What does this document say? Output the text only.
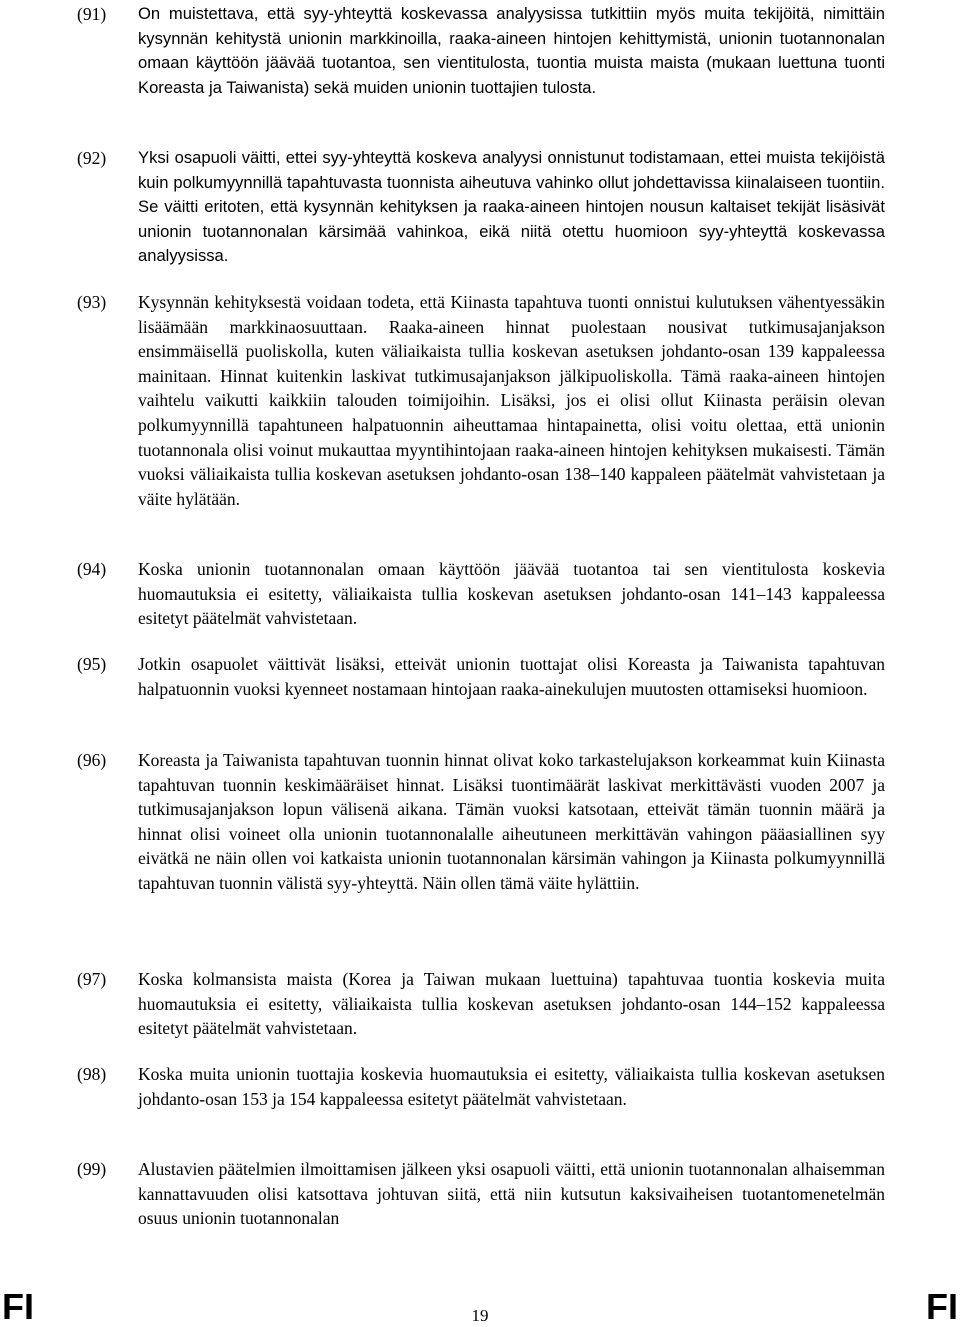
(91) On muistettava, että syy-yhteyttä koskevassa analyysissa tutkittiin myös muita tekijöitä, nimittäin kysynnän kehitystä unionin markkinoilla, raaka-aineen hintojen kehittymistä, unionin tuotannonalan omaan käyttöön jäävää tuotantoa, sen vientitulosta, tuontia muista maista (mukaan luettuna tuonti Koreasta ja Taiwanista) sekä muiden unionin tuottajien tulosta.
(92) Yksi osapuoli väitti, ettei syy-yhteyttä koskeva analyysi onnistunut todistamaan, ettei muista tekijöistä kuin polkumyynnillä tapahtuvasta tuonnista aiheutuva vahinko ollut johdettavissa kiinalaiseen tuontiin. Se väitti eritoten, että kysynnän kehityksen ja raaka-aineen hintojen nousun kaltaiset tekijät lisäsivät unionin tuotannonalan kärsimää vahinkoa, eikä niitä otettu huomioon syy-yhteyttä koskevassa analyysissa.
(93) Kysynnän kehityksestä voidaan todeta, että Kiinasta tapahtuva tuonti onnistui kulutuksen vähentyessäkin lisäämään markkinaosuuttaan. Raaka-aineen hinnat puolestaan nousivat tutkimusajanjakson ensimmäisellä puoliskolla, kuten väliaikaista tullia koskevan asetuksen johdanto-osan 139 kappaleessa mainitaan. Hinnat kuitenkin laskivat tutkimusajanjakson jälkipuoliskolla. Tämä raaka-aineen hintojen vaihtelu vaikutti kaikkiin talouden toimijoihin. Lisäksi, jos ei olisi ollut Kiinasta peräisin olevan polkumyynnillä tapahtuneen halpatuonnin aiheuttamaa hintapainetta, olisi voitu olettaa, että unionin tuotannonala olisi voinut mukauttaa myyntihintojaan raaka-aineen hintojen kehityksen mukaisesti. Tämän vuoksi väliaikaista tullia koskevan asetuksen johdanto-osan 138–140 kappaleen päätelmät vahvistetaan ja väite hylätään.
(94) Koska unionin tuotannonalan omaan käyttöön jäävää tuotantoa tai sen vientitulosta koskevia huomautuksia ei esitetty, väliaikaista tullia koskevan asetuksen johdanto-osan 141–143 kappaleessa esitetyt päätelmät vahvistetaan.
(95) Jotkin osapuolet väittivät lisäksi, etteivät unionin tuottajat olisi Koreasta ja Taiwanista tapahtuvan halpatuonnin vuoksi kyenneet nostamaan hintojaan raaka-ainekulujen muutosten ottamiseksi huomioon.
(96) Koreasta ja Taiwanista tapahtuvan tuonnin hinnat olivat koko tarkastelujakson korkeammat kuin Kiinasta tapahtuvan tuonnin keskimääräiset hinnat. Lisäksi tuontimäärät laskivat merkittävästi vuoden 2007 ja tutkimusajanjakson lopun välisenä aikana. Tämän vuoksi katsotaan, etteivät tämän tuonnin määrä ja hinnat olisi voineet olla unionin tuotannonalalle aiheutuneen merkittävän vahingon pääasiallinen syy eivätkä ne näin ollen voi katkaista unionin tuotannonalan kärsimän vahingon ja Kiinasta polkumyynnillä tapahtuvan tuonnin välistä syy-yhteyttä. Näin ollen tämä väite hylättiin.
(97) Koska kolmansista maista (Korea ja Taiwan mukaan luettuina) tapahtuvaa tuontia koskevia muita huomautuksia ei esitetty, väliaikaista tullia koskevan asetuksen johdanto-osan 144–152 kappaleessa esitetyt päätelmät vahvistetaan.
(98) Koska muita unionin tuottajia koskevia huomautuksia ei esitetty, väliaikaista tullia koskevan asetuksen johdanto-osan 153 ja 154 kappaleessa esitetyt päätelmät vahvistetaan.
(99) Alustavien päätelmien ilmoittamisen jälkeen yksi osapuoli väitti, että unionin tuotannonalan alhaisemman kannattavuuden olisi katsottava johtuvan siitä, että niin kutsutun kaksivaiheisen tuotantomenetelmän osuus unionin tuotannonalan
FI	19	FI
